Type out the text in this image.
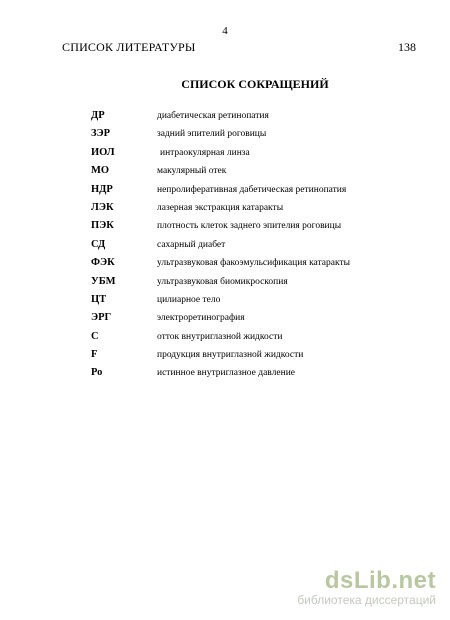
4
СПИСОК ЛИТЕРАТУРЫ	138
СПИСОК СОКРАЩЕНИЙ
ДР	диабетическая ретинопатия
ЗЭР	задний эпителий роговицы
ИОЛ	интраокулярная линза
МО	макулярный отек
НДР	непролиферативная дабетическая ретинопатия
ЛЭК	лазерная экстракция катаракты
ПЭК	плотность клеток заднего эпителия роговицы
СД	сахарный диабет
ФЭК	ультразвуковая факоэмульсификация катаракты
УБМ	ультразвуковая биомикроскопия
ЦТ	цилиарное тело
ЭРГ	электроретинография
С	отток внутриглазной жидкости
F	продукция внутриглазной жидкости
Ро	истинное внутриглазное давление
dsLib.net
библиотека диссертаций
